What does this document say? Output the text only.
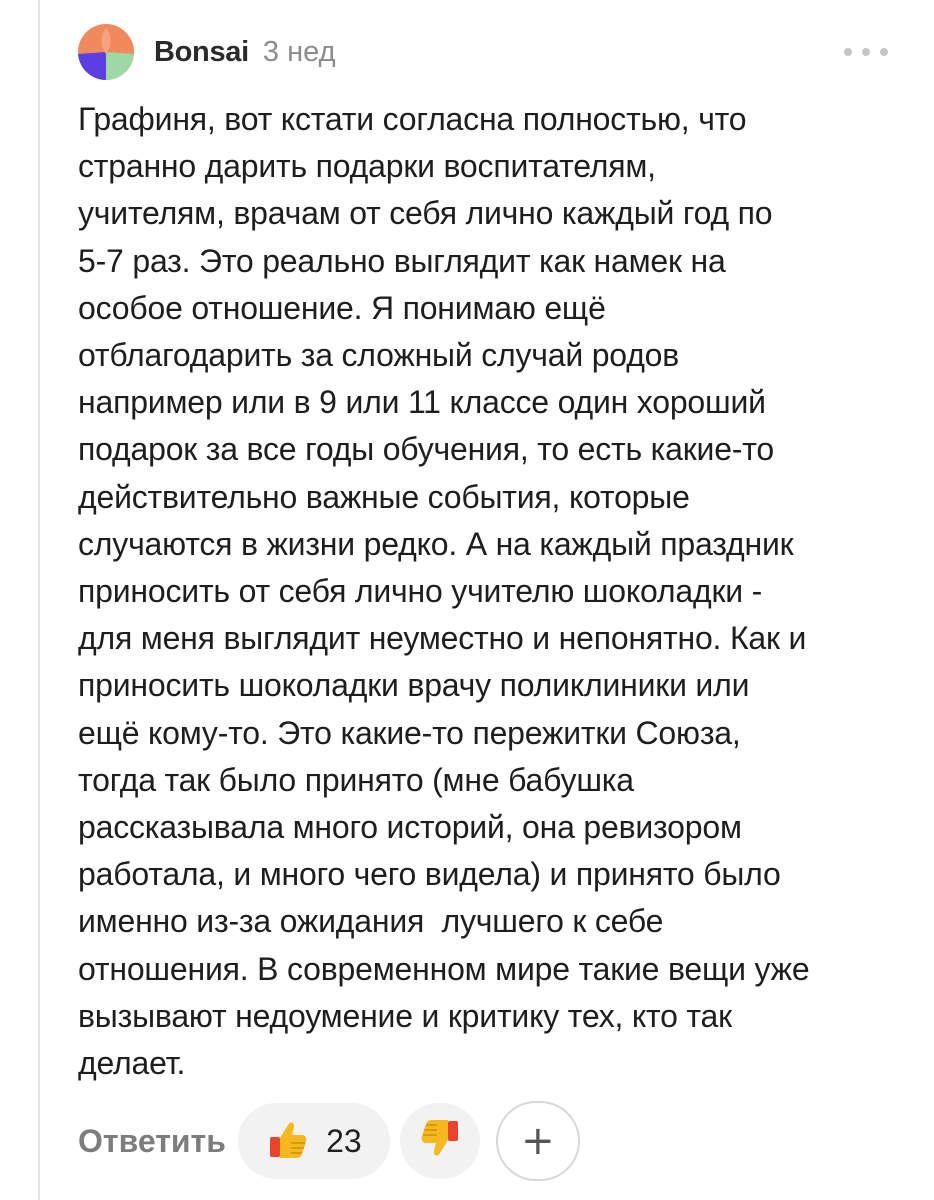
Bonsai 3 нед

Графиня, вот кстати согласна полностью, что
странно дарить подарки воспитателям,
учителям, врачам от себя лично каждый год по
5-7 раз. Это реально выглядит как намек на
особое отношение. Я понимаю ещё
отблагодарить за сложный случай родов
например или в 9 или 11 классе один хороший
подарок за все годы обучения, то есть какие-то
действительно важные события, которые
случаются в жизни редко. А на каждый праздник
приносить от себя лично учителю шоколадки -
для меня выглядит неуместно и непонятно. Как и
приносить шоколадки врачу поликлиники или
ещё кому-то. Это какие-то пережитки Союза,
тогда так было принято (мне бабушка
рассказывала много историй, она ревизором
работала, и много чего видела) и принято было
именно из-за ожидания  лучшего к себе
отношения. В современном мире такие вещи уже
вызывают недоумение и критику тех, кто так
делает.

Ответить	23	+
